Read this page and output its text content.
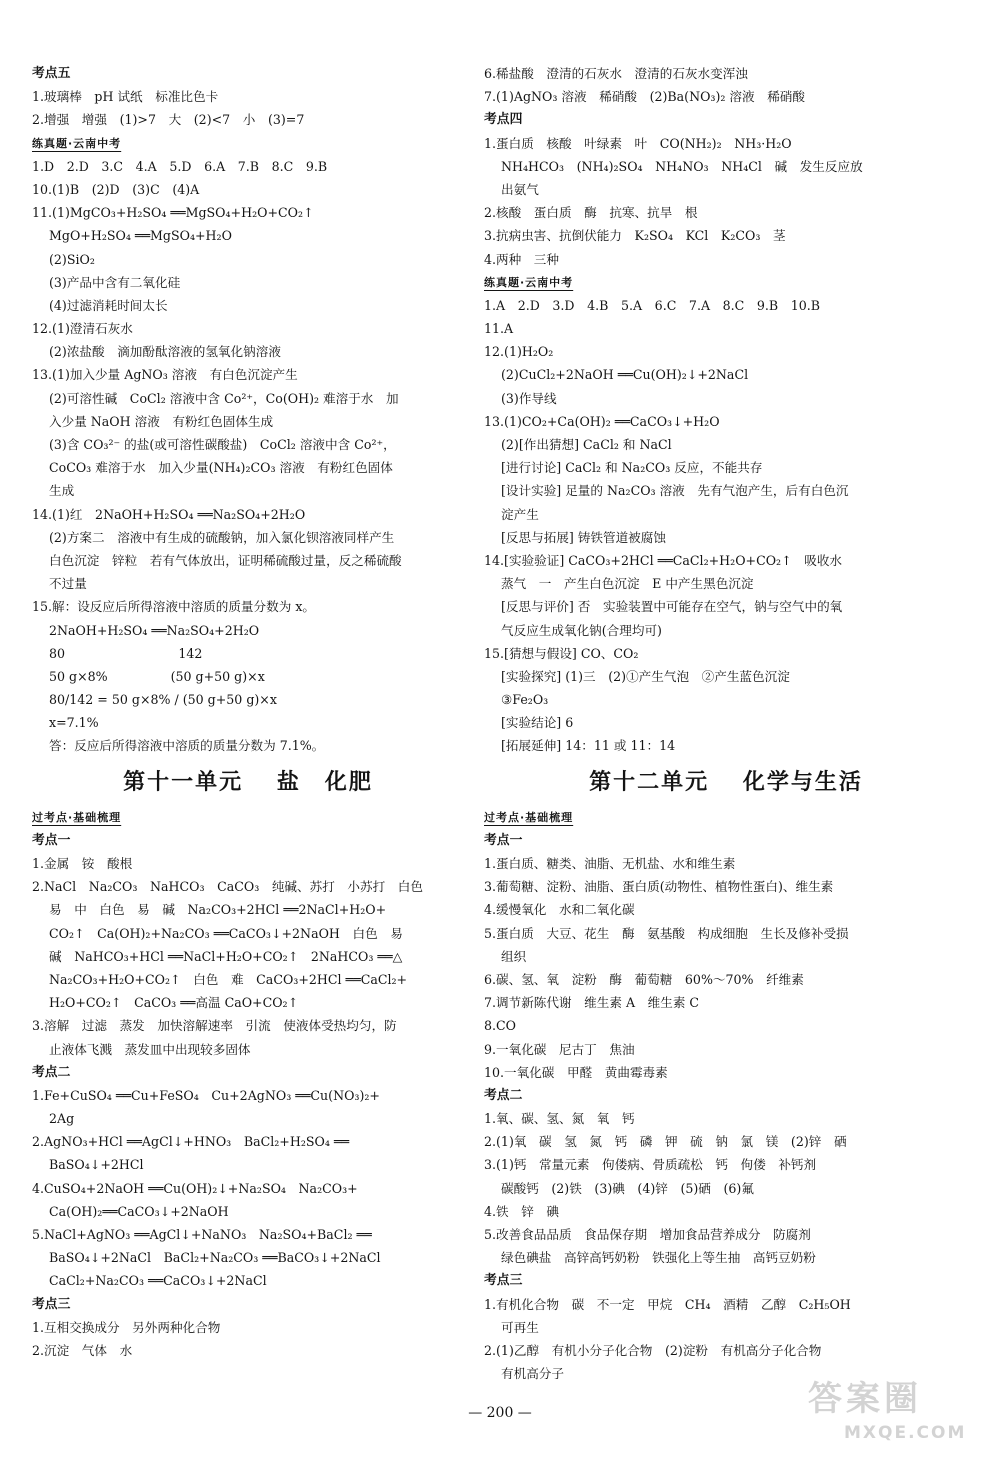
考点五
1.玻璃棒　pH 试纸　标准比色卡
2.增强　增强　(1)>7　大　(2)<7　小　(3)=7
练真题·云南中考
1.D　2.D　3.C　4.A　5.D　6.A　7.B　8.C　9.B
10.(1)B　(2)D　(3)C　(4)A
11.(1)MgCO₃+H₂SO₄ ══MgSO₄+H₂O+CO₂↑
MgO+H₂SO₄ ══MgSO₄+H₂O
(2)SiO₂
(3)产品中含有二氧化硅
(4)过滤消耗时间太长
12.(1)澄清石灰水
(2)浓盐酸　滴加酚酞溶液的氢氧化钠溶液
13.(1)加入少量 AgNO₃ 溶液　有白色沉淀产生
(2)可溶性碱　CoCl₂ 溶液中含 Co²⁺，Co(OH)₂ 难溶于水　加
入少量 NaOH 溶液　有粉红色固体生成
(3)含 CO₃²⁻ 的盐(或可溶性碳酸盐)　CoCl₂ 溶液中含 Co²⁺，
CoCO₃ 难溶于水　加入少量(NH₄)₂CO₃ 溶液　有粉红色固体
生成
14.(1)红　2NaOH+H₂SO₄ ══Na₂SO₄+2H₂O
(2)方案二　溶液中有生成的硫酸钠，加入氯化钡溶液同样产生
白色沉淀　锌粒　若有气体放出，证明稀硫酸过量，反之稀硫酸
不过量
15.解：设反应后所得溶液中溶质的质量分数为 x。
2NaOH+H₂SO₄ ══Na₂SO₄+2H₂O
80　　　　　　　　　142
50 g×8%　　　　　(50 g+50 g)×x
80/142 = 50 g×8% / (50 g+50 g)×x
x=7.1%
答：反应后所得溶液中溶质的质量分数为 7.1%。
第十一单元　 盐　化肥
过考点·基础梳理
考点一
1.金属　铵　酸根
2.NaCl　Na₂CO₃　NaHCO₃　CaCO₃　纯碱、苏打　小苏打　白色
易　中　白色　易　碱　Na₂CO₃+2HCl ══2NaCl+H₂O+
CO₂↑　Ca(OH)₂+Na₂CO₃ ══CaCO₃↓+2NaOH　白色　易
碱　NaHCO₃+HCl ══NaCl+H₂O+CO₂↑　2NaHCO₃ ══△
Na₂CO₃+H₂O+CO₂↑　白色　难　CaCO₃+2HCl ══CaCl₂+
H₂O+CO₂↑　CaCO₃ ══高温 CaO+CO₂↑
3.溶解　过滤　蒸发　加快溶解速率　引流　使液体受热均匀，防
止液体飞溅　蒸发皿中出现较多固体
考点二
1.Fe+CuSO₄ ══Cu+FeSO₄　Cu+2AgNO₃ ══Cu(NO₃)₂+
2Ag
2.AgNO₃+HCl ══AgCl↓+HNO₃　BaCl₂+H₂SO₄ ══
BaSO₄↓+2HCl
4.CuSO₄+2NaOH ══Cu(OH)₂↓+Na₂SO₄　Na₂CO₃+
Ca(OH)₂══CaCO₃↓+2NaOH
5.NaCl+AgNO₃ ══AgCl↓+NaNO₃　Na₂SO₄+BaCl₂ ══
BaSO₄↓+2NaCl　BaCl₂+Na₂CO₃ ══BaCO₃↓+2NaCl
CaCl₂+Na₂CO₃ ══CaCO₃↓+2NaCl
考点三
1.互相交换成分　另外两种化合物
2.沉淀　气体　水
6.稀盐酸　澄清的石灰水　澄清的石灰水变浑浊
7.(1)AgNO₃ 溶液　稀硝酸　(2)Ba(NO₃)₂ 溶液　稀硝酸
考点四
1.蛋白质　核酸　叶绿素　叶　CO(NH₂)₂　NH₃·H₂O
NH₄HCO₃　(NH₄)₂SO₄　NH₄NO₃　NH₄Cl　碱　发生反应放
出氨气
2.核酸　蛋白质　酶　抗寒、抗旱　根
3.抗病虫害、抗倒伏能力　K₂SO₄　KCl　K₂CO₃　茎
4.两种　三种
练真题·云南中考
1.A　2.D　3.D　4.B　5.A　6.C　7.A　8.C　9.B　10.B
11.A
12.(1)H₂O₂
(2)CuCl₂+2NaOH ══Cu(OH)₂↓+2NaCl
(3)作导线
13.(1)CO₂+Ca(OH)₂ ══CaCO₃↓+H₂O
(2)[作出猜想] CaCl₂ 和 NaCl
[进行讨论] CaCl₂ 和 Na₂CO₃ 反应，不能共存
[设计实验] 足量的 Na₂CO₃ 溶液　先有气泡产生，后有白色沉
淀产生
[反思与拓展] 铸铁管道被腐蚀
14.[实验验证] CaCO₃+2HCl ══CaCl₂+H₂O+CO₂↑　吸收水
蒸气　一　产生白色沉淀　E 中产生黑色沉淀
[反思与评价] 否　实验装置中可能存在空气，钠与空气中的氧
气反应生成氧化钠(合理均可)
15.[猜想与假设] CO、CO₂
[实验探究] (1)三　(2)①产生气泡　②产生蓝色沉淀
③Fe₂O₃
[实验结论] 6
[拓展延伸] 14：11 或 11：14
第十二单元　 化学与生活
过考点·基础梳理
考点一
1.蛋白质、糖类、油脂、无机盐、水和维生素
3.葡萄糖、淀粉、油脂、蛋白质(动物性、植物性蛋白)、维生素
4.缓慢氧化　水和二氧化碳
5.蛋白质　大豆、花生　酶　氨基酸　构成细胞　生长及修补受损
组织
6.碳、氢、氧　淀粉　酶　葡萄糖　60%～70%　纤维素
7.调节新陈代谢　维生素 A　维生素 C
8.CO
9.一氧化碳　尼古丁　焦油
10.一氧化碳　甲醛　黄曲霉毒素
考点二
1.氧、碳、氢、氮　氧　钙
2.(1)氧　碳　氢　氮　钙　磷　钾　硫　钠　氯　镁　(2)锌　硒
3.(1)钙　常量元素　佝偻病、骨质疏松　钙　佝偻　补钙剂
碳酸钙　(2)铁　(3)碘　(4)锌　(5)硒　(6)氟
4.铁　锌　碘
5.改善食品品质　食品保存期　增加食品营养成分　防腐剂
绿色碘盐　高锌高钙奶粉　铁强化上等生抽　高钙豆奶粉
考点三
1.有机化合物　碳　不一定　甲烷　CH₄　酒精　乙醇　C₂H₅OH
可再生
2.(1)乙醇　有机小分子化合物　(2)淀粉　有机高分子化合物
有机高分子
— 200 —	答案圈
MXQE.COM
